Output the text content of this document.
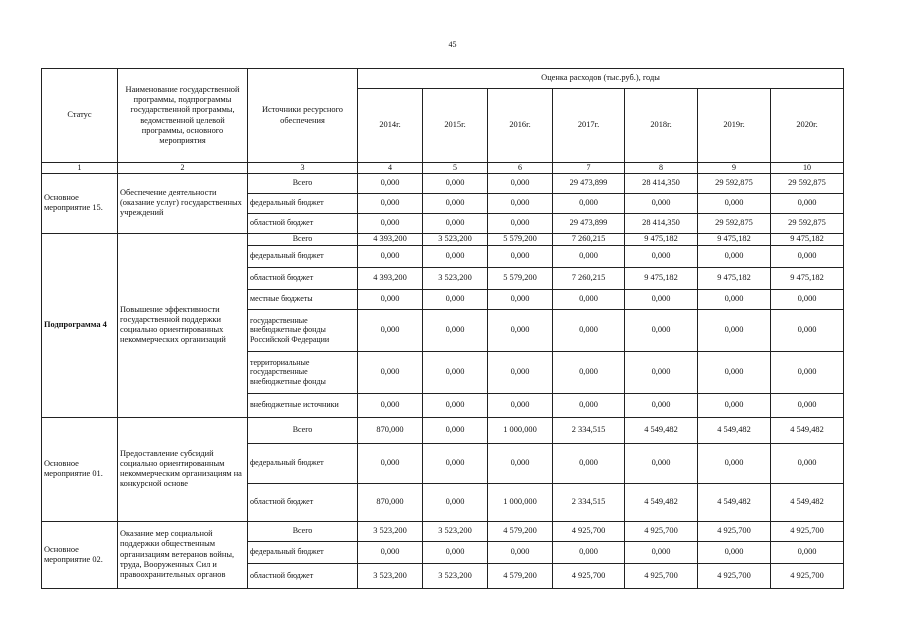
45
Статус	Наименование государственной программы, подпрограммы государственной программы, ведомственной целевой программы, основного мероприятия	Источники ресурсного обеспечения	Оценка расходов (тыс.руб.), годы						
			2014г.	2015г.	2016г.	2017г.	2018г.	2019г.	2020г.
1	2	3	4	5	6	7	8	9	10
Основное мероприятие 15.	Обеспечение деятельности (оказание услуг) государственных учреждений	Всего	0,000	0,000	0,000	29 473,899	28 414,350	29 592,875	29 592,875
		федеральный бюджет	0,000	0,000	0,000	0,000	0,000	0,000	0,000
		областной бюджет	0,000	0,000	0,000	29 473,899	28 414,350	29 592,875	29 592,875
Подпрограмма 4	Повышение эффективности государственной поддержки социально ориентированных некоммерческих организаций	Всего	4 393,200	3 523,200	5 579,200	7 260,215	9 475,182	9 475,182	9 475,182
		федеральный бюджет	0,000	0,000	0,000	0,000	0,000	0,000	0,000
		областной бюджет	4 393,200	3 523,200	5 579,200	7 260,215	9 475,182	9 475,182	9 475,182
		местные бюджеты	0,000	0,000	0,000	0,000	0,000	0,000	0,000
		государственные внебюджетные фонды Российской Федерации	0,000	0,000	0,000	0,000	0,000	0,000	0,000
		территориальные государственные внебюджетные фонды	0,000	0,000	0,000	0,000	0,000	0,000	0,000
		внебюджетные источники	0,000	0,000	0,000	0,000	0,000	0,000	0,000
Основное мероприятие 01.	Предоставление субсидий социально ориентированным некоммерческим организациям на конкурсной основе	Всего	870,000	0,000	1 000,000	2 334,515	4 549,482	4 549,482	4 549,482
		федеральный бюджет	0,000	0,000	0,000	0,000	0,000	0,000	0,000
		областной бюджет	870,000	0,000	1 000,000	2 334,515	4 549,482	4 549,482	4 549,482
Основное мероприятие 02.	Оказание мер социальной поддержки общественным организациям ветеранов войны, труда, Вооруженных Сил и правоохранительных органов	Всего	3 523,200	3 523,200	4 579,200	4 925,700	4 925,700	4 925,700	4 925,700
		федеральный бюджет	0,000	0,000	0,000	0,000	0,000	0,000	0,000
		областной бюджет	3 523,200	3 523,200	4 579,200	4 925,700	4 925,700	4 925,700	4 925,700
